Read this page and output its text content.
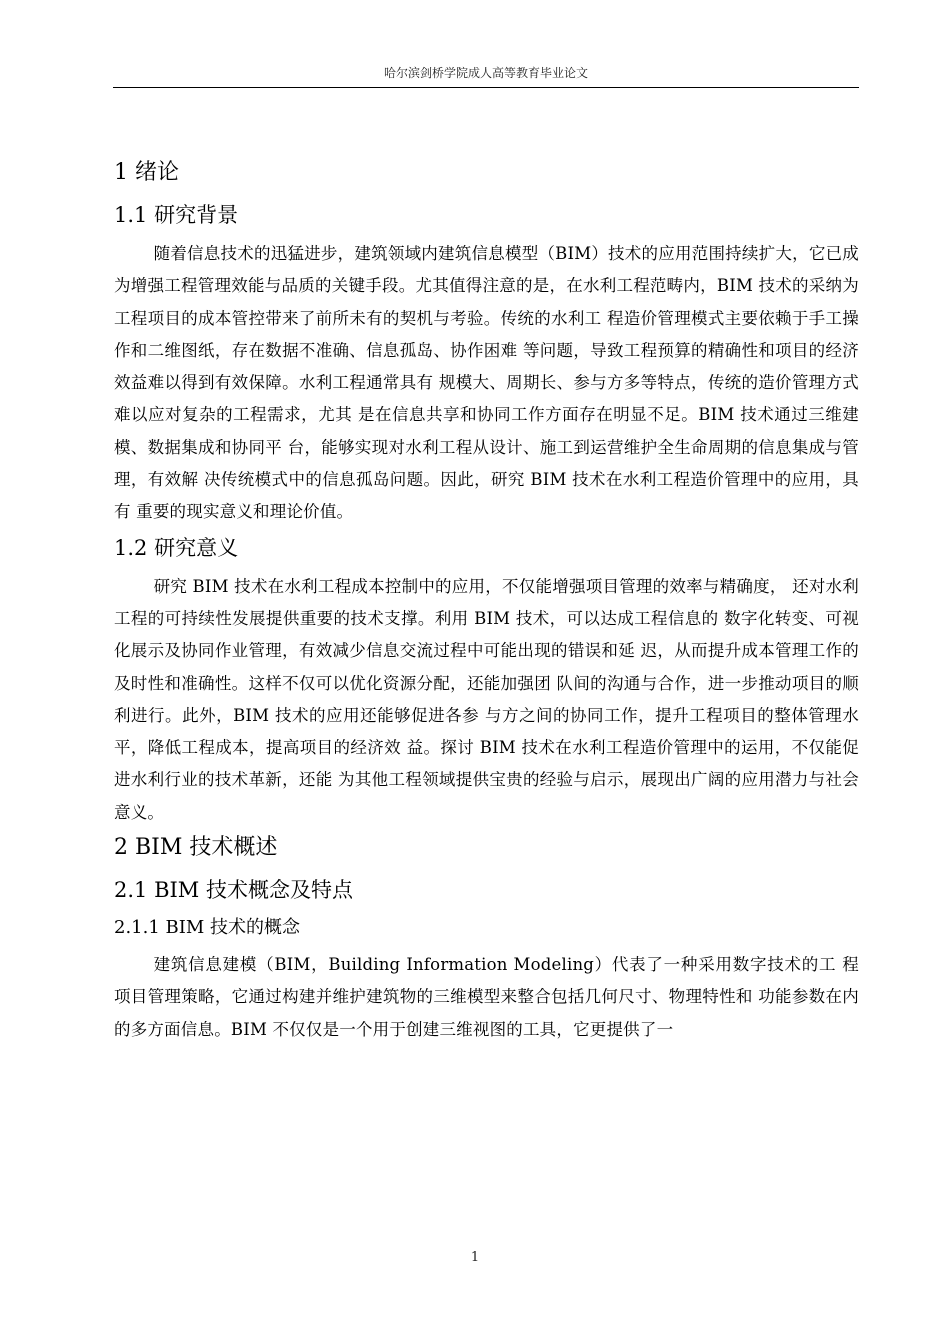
哈尔滨剑桥学院成人高等教育毕业论文
1 绪论
1.1 研究背景

随着信息技术的迅猛进步，建筑领域内建筑信息模型（BIM）技术的应用范围持续扩大，它已成为增强工程管理效能与品质的关键手段。尤其值得注意的是，在水利工程范畴内，BIM 技术的采纳为工程项目的成本管控带来了前所未有的契机与考验。传统的水利工 程造价管理模式主要依赖于手工操作和二维图纸，存在数据不准确、信息孤岛、协作困难 等问题，导致工程预算的精确性和项目的经济效益难以得到有效保障。水利工程通常具有 规模大、周期长、参与方多等特点，传统的造价管理方式难以应对复杂的工程需求，尤其 是在信息共享和协同工作方面存在明显不足。BIM 技术通过三维建模、数据集成和协同平 台，能够实现对水利工程从设计、施工到运营维护全生命周期的信息集成与管理，有效解 决传统模式中的信息孤岛问题。因此，研究 BIM 技术在水利工程造价管理中的应用，具有 重要的现实意义和理论价值。

1.2 研究意义

研究 BIM 技术在水利工程成本控制中的应用，不仅能增强项目管理的效率与精确度， 还对水利工程的可持续性发展提供重要的技术支撑。利用 BIM 技术，可以达成工程信息的 数字化转变、可视化展示及协同作业管理，有效减少信息交流过程中可能出现的错误和延 迟，从而提升成本管理工作的及时性和准确性。这样不仅可以优化资源分配，还能加强团 队间的沟通与合作，进一步推动项目的顺利进行。此外，BIM 技术的应用还能够促进各参 与方之间的协同工作，提升工程项目的整体管理水平，降低工程成本，提高项目的经济效 益。探讨 BIM 技术在水利工程造价管理中的运用，不仅能促进水利行业的技术革新，还能 为其他工程领域提供宝贵的经验与启示，展现出广阔的应用潜力与社会意义。

2 BIM 技术概述
2.1 BIM 技术概念及特点
2.1.1 BIM 技术的概念

建筑信息建模（BIM，Building Information Modeling）代表了一种采用数字技术的工 程项目管理策略，它通过构建并维护建筑物的三维模型来整合包括几何尺寸、物理特性和 功能参数在内的多方面信息。BIM 不仅仅是一个用于创建三维视图的工具，它更提供了一

1
